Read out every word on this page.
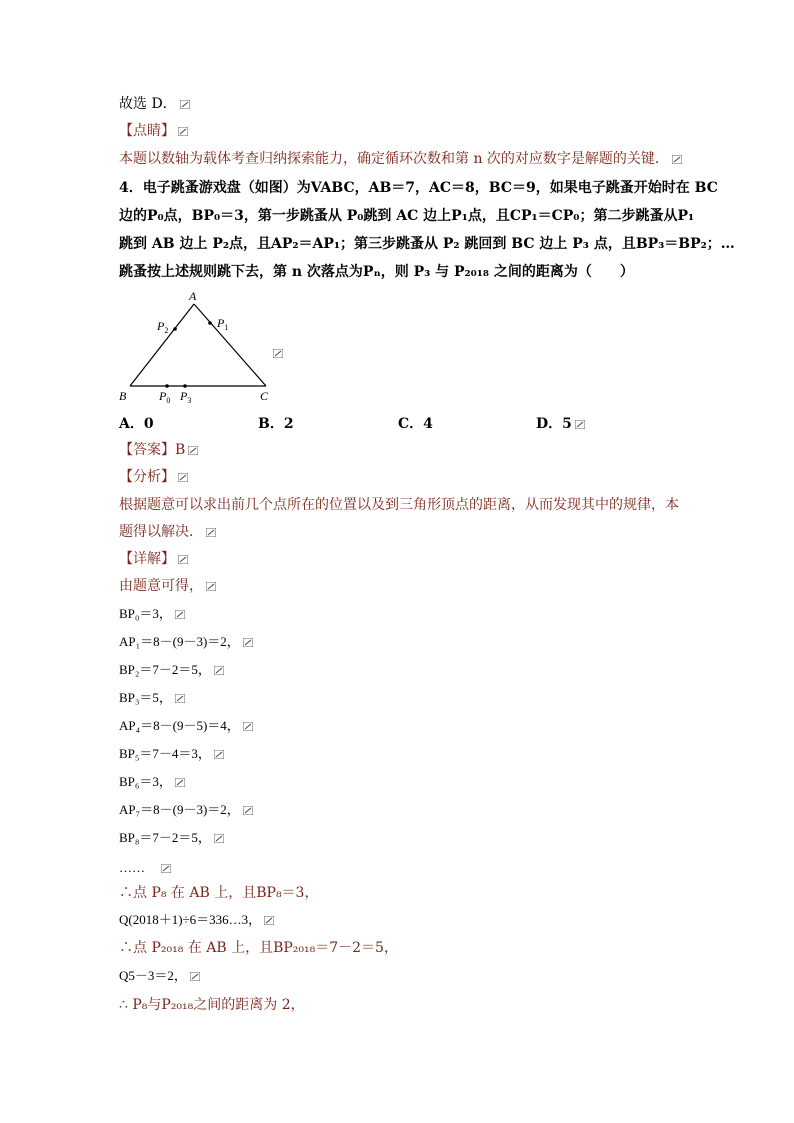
故选 D．
【点睛】
本题以数轴为载体考查归纳探索能力，确定循环次数和第 n 次的对应数字是解题的关键．
4．电子跳蚤游戏盘（如图）为VABC，AB＝7，AC＝8，BC＝9，如果电子跳蚤开始时在 BC
边的P₀点，BP₀＝3，第一步跳蚤从 P₀跳到 AC 边上P₁点，且CP₁＝CP₀；第二步跳蚤从P₁
跳到 AB 边上 P₂点，且AP₂＝AP₁；第三步跳蚤从 P₂ 跳回到 BC 边上 P₃ 点，且BP₃＝BP₂；…
跳蚤按上述规则跳下去，第 n 次落点为Pₙ，则 P₃ 与 P₂₀₁₈ 之间的距离为（　　）
A
B	C
$P_1$
$P_2$
$P_0$ $P_3$
A．0	B．2	C．4	D．5
【答案】B
【分析】
根据题意可以求出前几个点所在的位置以及到三角形顶点的距离，从而发现其中的规律，本
题得以解决．
【详解】
由题意可得，
BP₀＝3，
AP₁＝8－(9－3)＝2，
BP₂＝7－2＝5，
BP₃＝5，
AP₄＝8－(9－5)＝4，
BP₅＝7－4＝3，
BP₆＝3，
AP₇＝8－(9－3)＝2，
BP₈＝7－2＝5，
……
∴点 P₈ 在 AB 上，且BP₈＝3，
Q(2018＋1)÷6＝336…3，
∴点 P₂₀₁₈ 在 AB 上，且BP₂₀₁₈＝7－2＝5，
Q5－3＝2，
∴ P₈与P₂₀₁₈之间的距离为 2，
